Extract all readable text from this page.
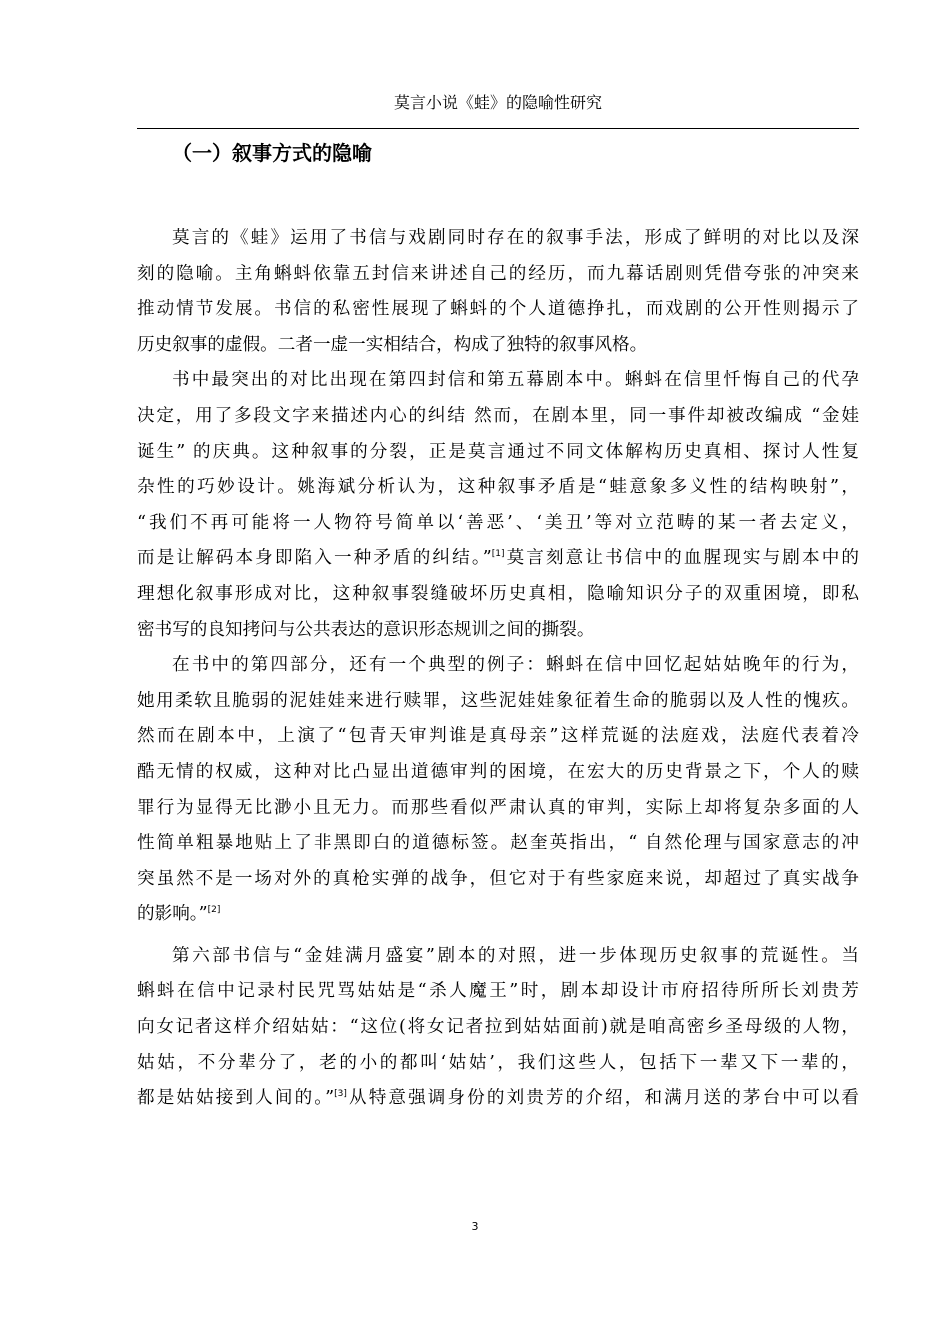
莫言小说《蛙》的隐喻性研究
（一）叙事方式的隐喻
莫言的《蛙》运用了书信与戏剧同时存在的叙事手法，形成了鲜明的对比以及深
刻的隐喻。主角蝌蚪依靠五封信来讲述自己的经历，而九幕话剧则凭借夸张的冲突来
推动情节发展。书信的私密性展现了蝌蚪的个人道德挣扎，而戏剧的公开性则揭示了
历史叙事的虚假。二者一虚一实相结合，构成了独特的叙事风格。
书中最突出的对比出现在第四封信和第五幕剧本中。蝌蚪在信里忏悔自己的代孕
决定，用了多段文字来描述内心的纠结 然而，在剧本里，同一事件却被改编成 “金娃
诞生” 的庆典。这种叙事的分裂，正是莫言通过不同文体解构历史真相、探讨人性复
杂性的巧妙设计。姚海斌分析认为，这种叙事矛盾是“蛙意象多义性的结构映射”，
“我们不再可能将一人物符号简单以‘善恶’、‘美丑’等对立范畴的某一者去定义，
而是让解码本身即陷入一种矛盾的纠结。”[1]莫言刻意让书信中的血腥现实与剧本中的
理想化叙事形成对比，这种叙事裂缝破坏历史真相，隐喻知识分子的双重困境，即私
密书写的良知拷问与公共表达的意识形态规训之间的撕裂。
在书中的第四部分，还有一个典型的例子：蝌蚪在信中回忆起姑姑晚年的行为，
她用柔软且脆弱的泥娃娃来进行赎罪，这些泥娃娃象征着生命的脆弱以及人性的愧疚。
然而在剧本中，上演了“包青天审判谁是真母亲”这样荒诞的法庭戏，法庭代表着冷
酷无情的权威，这种对比凸显出道德审判的困境，在宏大的历史背景之下，个人的赎
罪行为显得无比渺小且无力。而那些看似严肃认真的审判，实际上却将复杂多面的人
性简单粗暴地贴上了非黑即白的道德标签。赵奎英指出，“ 自然伦理与国家意志的冲
突虽然不是一场对外的真枪实弹的战争，但它对于有些家庭来说，却超过了真实战争
的影响。”[2]
第六部书信与“金娃满月盛宴”剧本的对照，进一步体现历史叙事的荒诞性。当
蝌蚪在信中记录村民咒骂姑姑是“杀人魔王”时，剧本却设计市府招待所所长刘贵芳
向女记者这样介绍姑姑：“这位(将女记者拉到姑姑面前)就是咱高密乡圣母级的人物，
姑姑，不分辈分了，老的小的都叫‘姑姑’，我们这些人，包括下一辈又下一辈的，
都是姑姑接到人间的。”[3]从特意强调身份的刘贵芳的介绍，和满月送的茅台中可以看
3
